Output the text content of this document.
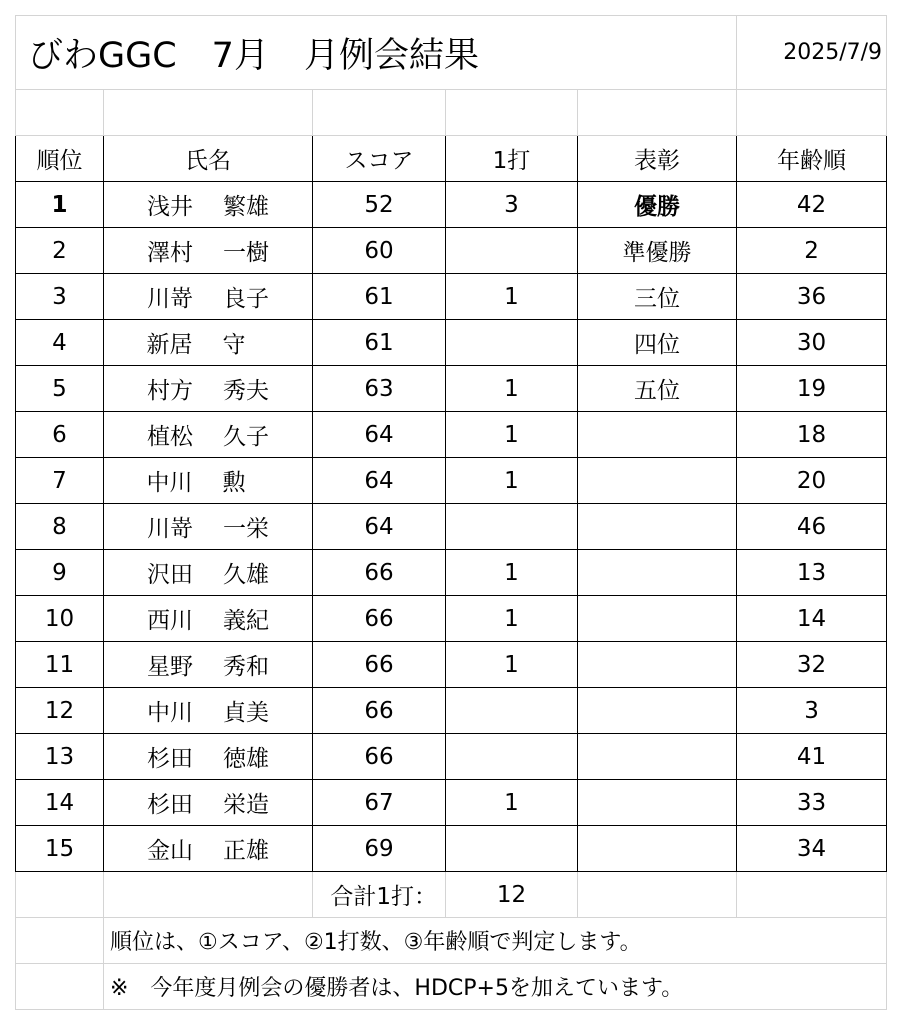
びわGGC　7月　月例会結果					2025/7/9

順位	氏名	スコア	1打	表彰	年齢順
1	浅井 繁雄	52	3	優勝	42
2	澤村 一樹	60		準優勝	2
3	川嵜 良子	61	1	三位	36
4	新居 守	61		四位	30
5	村方 秀夫	63	1	五位	19
6	植松 久子	64	1		18
7	中川 勲	64	1		20
8	川嵜 一栄	64			46
9	沢田 久雄	66	1		13
10	西川 義紀	66	1		14
11	星野 秀和	66	1		32
12	中川 貞美	66			3
13	杉田 徳雄	66			41
14	杉田 栄造	67	1		33
15	金山 正雄	69			34
		合計1打：	12		
	順位は、①スコア、②1打数、③年齢順で判定します。				
	※　今年度月例会の優勝者は、HDCP+5を加えています。				
